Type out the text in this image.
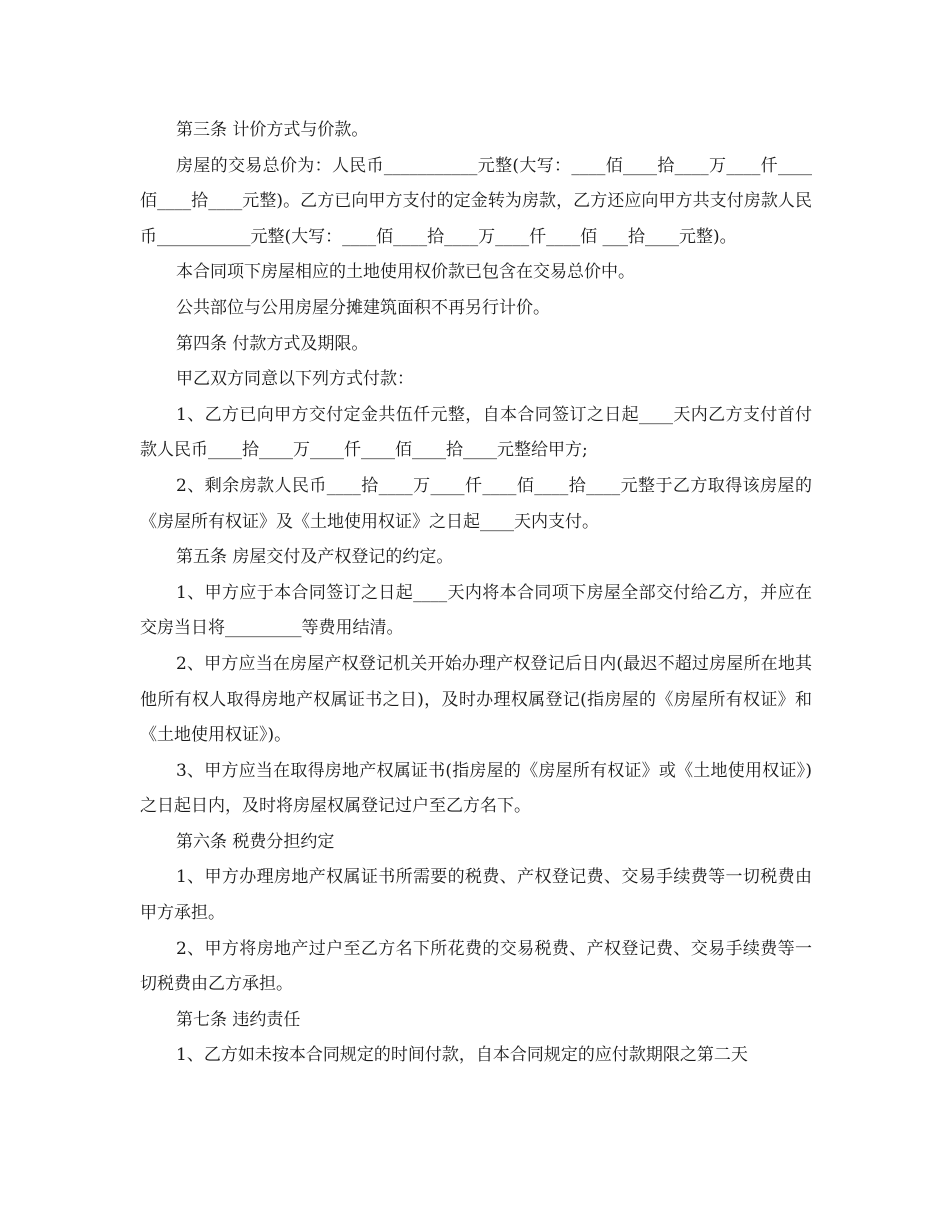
第三条 计价方式与价款。

房屋的交易总价为：人民币___________元整(大写：____佰____拾____万____仟____佰____拾____元整)。乙方已向甲方支付的定金转为房款，乙方还应向甲方共支付房款人民币___________元整(大写：____佰____拾____万____仟____佰 ___拾____元整)。

本合同项下房屋相应的土地使用权价款已包含在交易总价中。

公共部位与公用房屋分摊建筑面积不再另行计价。

第四条 付款方式及期限。

甲乙双方同意以下列方式付款：

1、乙方已向甲方交付定金共伍仟元整，自本合同签订之日起____天内乙方支付首付款人民币____拾____万____仟____佰____拾____元整给甲方;

2、剩余房款人民币____拾____万____仟____佰____拾____元整于乙方取得该房屋的《房屋所有权证》及《土地使用权证》之日起____天内支付。

第五条 房屋交付及产权登记的约定。

1、甲方应于本合同签订之日起____天内将本合同项下房屋全部交付给乙方，并应在交房当日将_________等费用结清。

2、甲方应当在房屋产权登记机关开始办理产权登记后日内(最迟不超过房屋所在地其他所有权人取得房地产权属证书之日)，及时办理权属登记(指房屋的《房屋所有权证》和《土地使用权证》)。

3、甲方应当在取得房地产权属证书(指房屋的《房屋所有权证》或《土地使用权证》)之日起日内，及时将房屋权属登记过户至乙方名下。

第六条 税费分担约定

1、甲方办理房地产权属证书所需要的税费、产权登记费、交易手续费等一切税费由甲方承担。

2、甲方将房地产过户至乙方名下所花费的交易税费、产权登记费、交易手续费等一切税费由乙方承担。

第七条 违约责任

1、乙方如未按本合同规定的时间付款，自本合同规定的应付款期限之第二天
